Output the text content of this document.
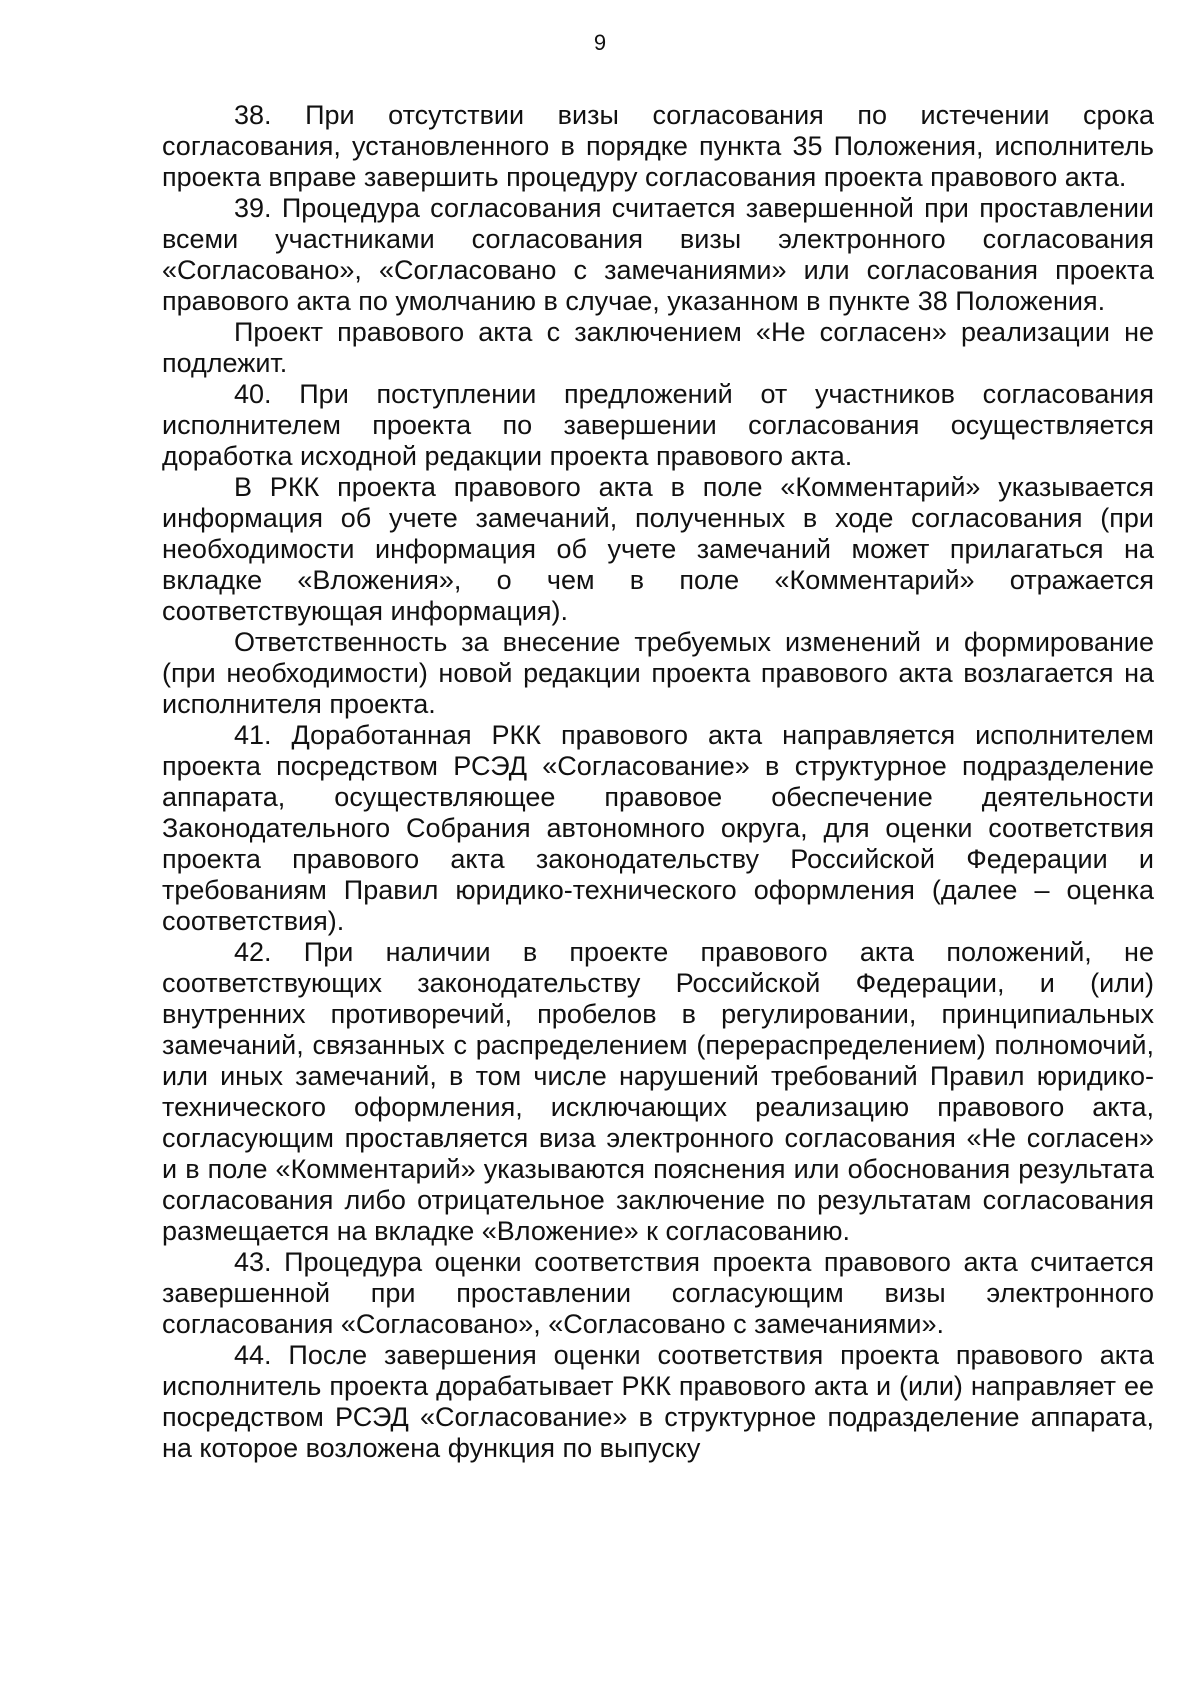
9

38. При отсутствии визы согласования по истечении срока согласования, установленного в порядке пункта 35 Положения, исполнитель проекта вправе завершить процедуру согласования проекта правового акта.

39. Процедура согласования считается завершенной при проставлении всеми участниками согласования визы электронного согласования «Согласовано», «Согласовано с замечаниями» или согласования проекта правового акта по умолчанию в случае, указанном в пункте 38 Положения.

Проект правового акта с заключением «Не согласен» реализации не подлежит.

40. При поступлении предложений от участников согласования исполнителем проекта по завершении согласования осуществляется доработка исходной редакции проекта правового акта.

В РКК проекта правового акта в поле «Комментарий» указывается информация об учете замечаний, полученных в ходе согласования (при необходимости информация об учете замечаний может прилагаться на вкладке «Вложения», о чем в поле «Комментарий» отражается соответствующая информация).

Ответственность за внесение требуемых изменений и формирование (при необходимости) новой редакции проекта правового акта возлагается на исполнителя проекта.

41. Доработанная РКК правового акта направляется исполнителем проекта посредством РСЭД «Согласование» в структурное подразделение аппарата, осуществляющее правовое обеспечение деятельности Законодательного Собрания автономного округа, для оценки соответствия проекта правового акта законодательству Российской Федерации и требованиям Правил юридико-технического оформления (далее – оценка соответствия).

42. При наличии в проекте правового акта положений, не соответствующих законодательству Российской Федерации, и (или) внутренних противоречий, пробелов в регулировании, принципиальных замечаний, связанных с распределением (перераспределением) полномочий, или иных замечаний, в том числе нарушений требований Правил юридико-технического оформления, исключающих реализацию правового акта, согласующим проставляется виза электронного согласования «Не согласен» и в поле «Комментарий» указываются пояснения или обоснования результата согласования либо отрицательное заключение по результатам согласования размещается на вкладке «Вложение» к согласованию.

43. Процедура оценки соответствия проекта правового акта считается завершенной при проставлении согласующим визы электронного согласования «Согласовано», «Согласовано с замечаниями».

44. После завершения оценки соответствия проекта правового акта исполнитель проекта дорабатывает РКК правового акта и (или) направляет ее посредством РСЭД «Согласование» в структурное подразделение аппарата, на которое возложена функция по выпуску
